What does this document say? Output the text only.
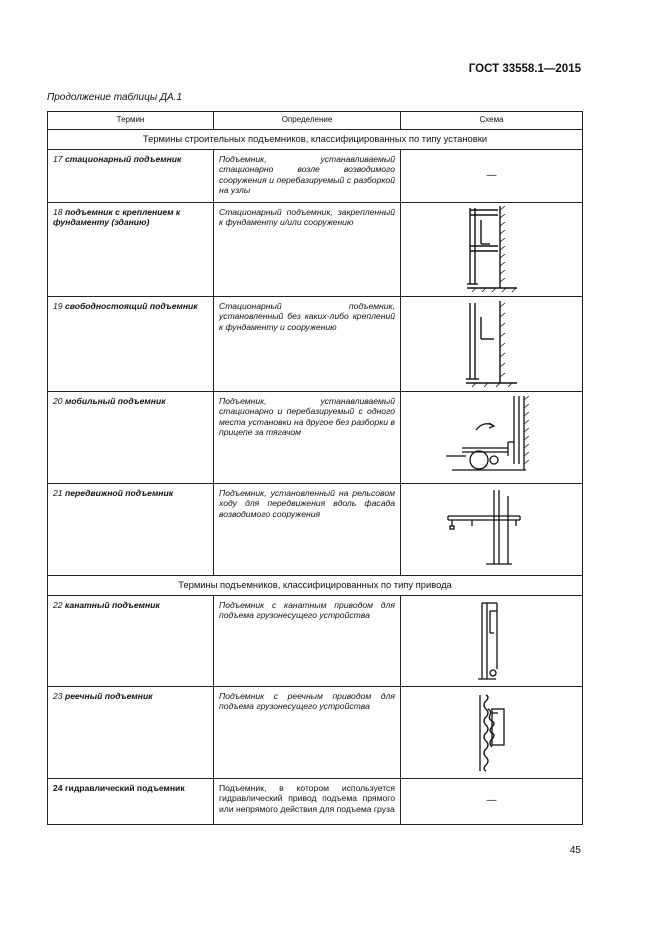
ГОСТ 33558.1—2015
Продолжение таблицы ДА.1
Термин	Определение	Схема
Термины строительных подъемников, классифицированных по типу установки		
17 стационарный подъемник	Подъемник, устанавливаемый стационарно возле возводимого сооружения и перебазируемый с разборкой на узлы	—
18 подъемник с креплением к фундаменту (зданию)	Стационарный подъемник, закрепленный к фундаменту и/или сооружению	

19 свободностоящий подъемник	Стационарный подъемник, установленный без каких-либо креплений к фундаменту и сооружению	

20 мобильный подъемник	Подъемник, устанавливаемый стационарно и перебазируемый с одного места установки на другое без разборки в прицепе за тягачом	

21 передвижной подъемник	Подъемник, установленный на рельсовом ходу для передвижения вдоль фасада возводимого сооружения	

Термины подъемников, классифицированных по типу привода		
22 канатный подъемник	Подъемник с канатным приводом для подъема грузонесущего устройства	

23 реечный подъемник	Подъемник с реечным приводом для подъема грузонесущего устройства	

24 гидравлический подъемник	Подъемник, в котором используется гидравлический привод подъема прямого или непрямого действия для подъема груза	—
45
